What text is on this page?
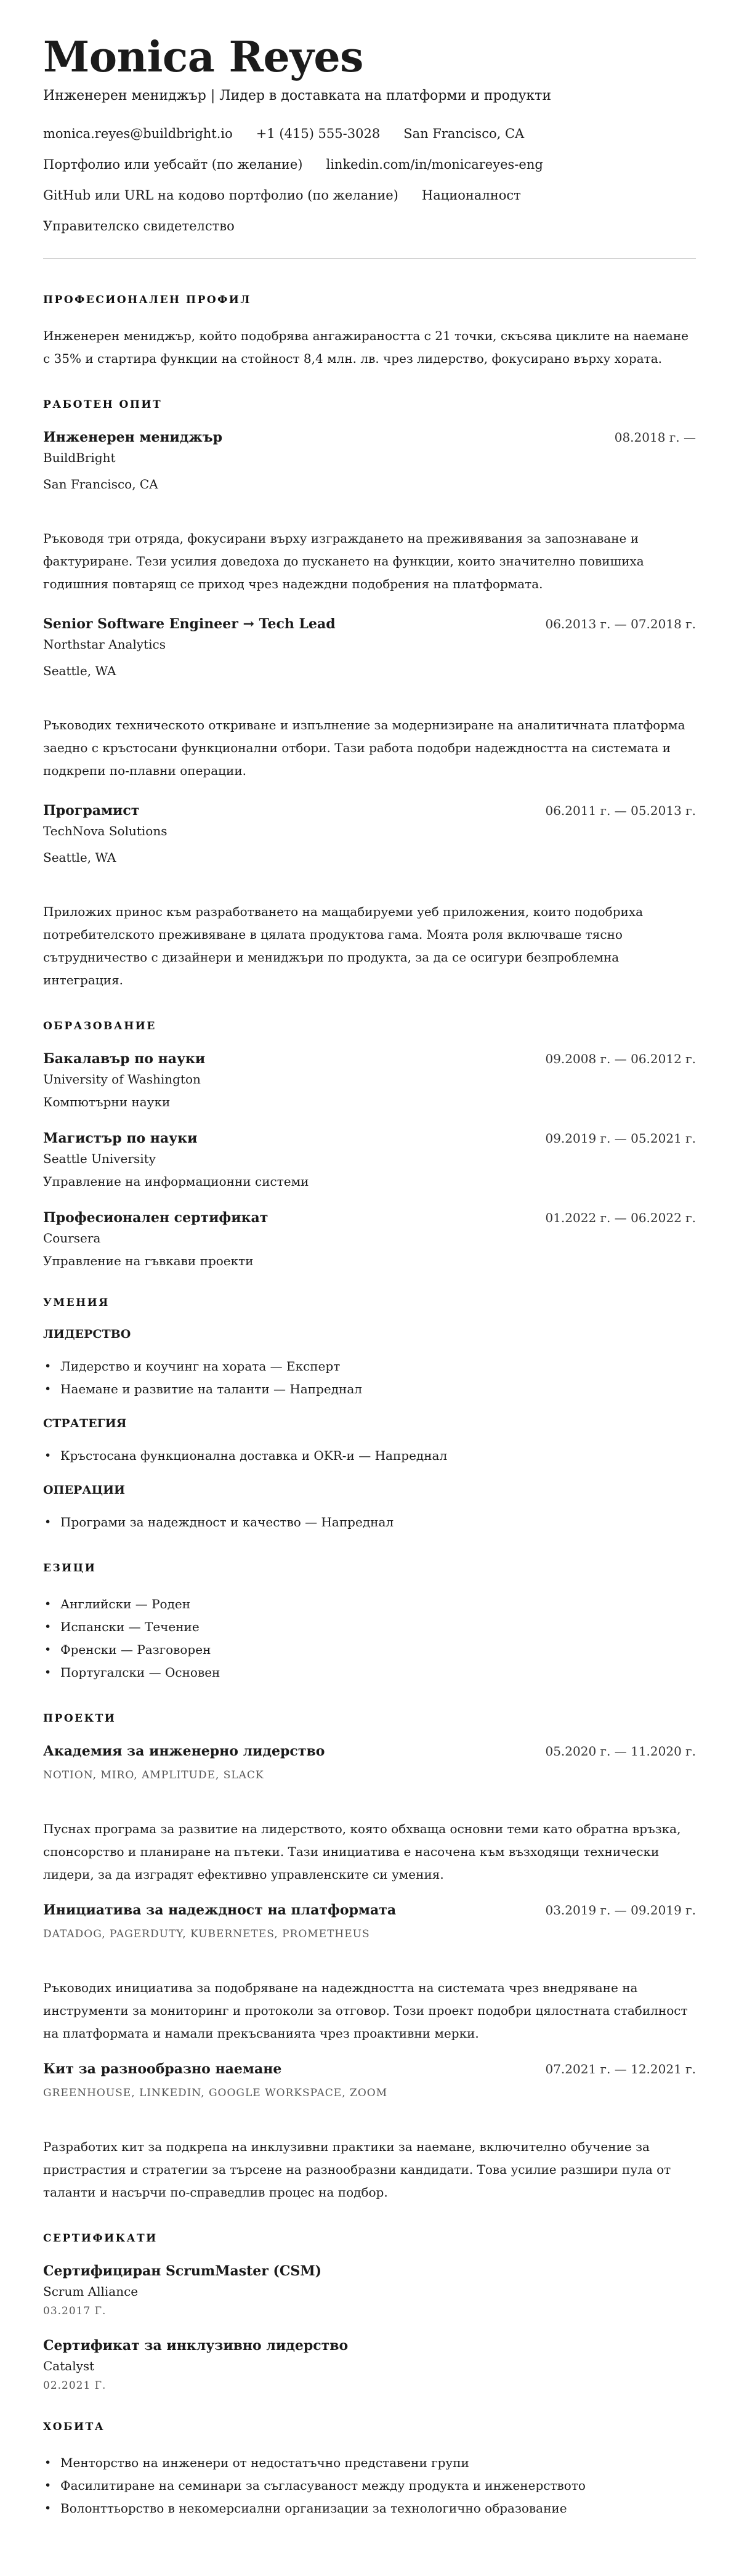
Monica Reyes

Инженерен мениджър | Лидер в доставката на платформи и продукти

monica.reyes@buildbright.io +1 (415) 555-3028 San Francisco, CA
Портфолио или уебсайт (по желание) linkedin.com/in/monicareyes-eng
GitHub или URL на кодово портфолио (по желание) Националност
Управителско свидетелство
ПРОФЕСИОНАЛЕН ПРОФИЛ

Инженерен мениджър, който подобрява ангажираността с 21 точки, скъсява циклите на наемане с 35% и стартира функции на стойност 8,4 млн. лв. чрез лидерство, фокусирано върху хората.

РАБОТЕН ОПИТ
Инженерен мениджър	08.2018 г. —

BuildBright

San Francisco, CA

Ръководя три отряда, фокусирани върху изграждането на преживявания за запознаване и фактуриране. Тези усилия доведоха до пускането на функции, които значително повишиха годишния повтарящ се приход чрез надеждни подобрения на платформата.

Senior Software Engineer → Tech Lead	06.2013 г. — 07.2018 г.

Northstar Analytics

Seattle, WA

Ръководих техническото откриване и изпълнение за модернизиране на аналитичната платформа заедно с кръстосани функционални отбори. Тази работа подобри надеждността на системата и подкрепи по-плавни операции.

Програмист	06.2011 г. — 05.2013 г.

TechNova Solutions

Seattle, WA

Приложих принос към разработването на мащабируеми уеб приложения, които подобриха потребителското преживяване в цялата продуктова гама. Моята роля включваше тясно сътрудничество с дизайнери и мениджъри по продукта, за да се осигури безпроблемна интеграция.

ОБРАЗОВАНИЕ
Бакалавър по науки	09.2008 г. — 06.2012 г.

University of Washington

Компютърни науки

Магистър по науки	09.2019 г. — 05.2021 г.

Seattle University

Управление на информационни системи

Професионален сертификат	01.2022 г. — 06.2022 г.

Coursera

Управление на гъвкави проекти

УМЕНИЯ
ЛИДЕРСТВО
• Лидерство и коучинг на хората — Експерт
• Наемане и развитие на таланти — Напреднал
СТРАТЕГИЯ
• Кръстосана функционална доставка и OKR-и — Напреднал
ОПЕРАЦИИ
• Програми за надеждност и качество — Напреднал
ЕЗИЦИ
• Английски — Роден
• Испански — Течение
• Френски — Разговорен
• Португалски — Основен
ПРОЕКТИ
Академия за инженерно лидерство	05.2020 г. — 11.2020 г.

NOTION, MIRO, AMPLITUDE, SLACK

Пуснах програма за развитие на лидерството, която обхваща основни теми като обратна връзка, спонсорство и планиране на пътеки. Тази инициатива е насочена към възходящи технически лидери, за да изградят ефективно управленските си умения.

Инициатива за надеждност на платформата	03.2019 г. — 09.2019 г.

DATADOG, PAGERDUTY, KUBERNETES, PROMETHEUS

Ръководих инициатива за подобряване на надеждността на системата чрез внедряване на инструменти за мониторинг и протоколи за отговор. Този проект подобри цялостната стабилност на платформата и намали прекъсванията чрез проактивни мерки.

Кит за разнообразно наемане	07.2021 г. — 12.2021 г.

GREENHOUSE, LINKEDIN, GOOGLE WORKSPACE, ZOOM

Разработих кит за подкрепа на инклузивни практики за наемане, включително обучение за пристрастия и стратегии за търсене на разнообразни кандидати. Това усилие разшири пула от таланти и насърчи по-справедлив процес на подбор.

СЕРТИФИКАТИ
Сертифициран ScrumMaster (CSM)

Scrum Alliance

03.2017 Г.

Сертификат за инклузивно лидерство

Catalyst

02.2021 Г.

ХОБИТА
• Менторство на инженери от недостатъчно представени групи
• Фасилитиране на семинари за съгласуваност между продукта и инженерството
• Волонттьорство в некомерсиални организации за технологично образование
